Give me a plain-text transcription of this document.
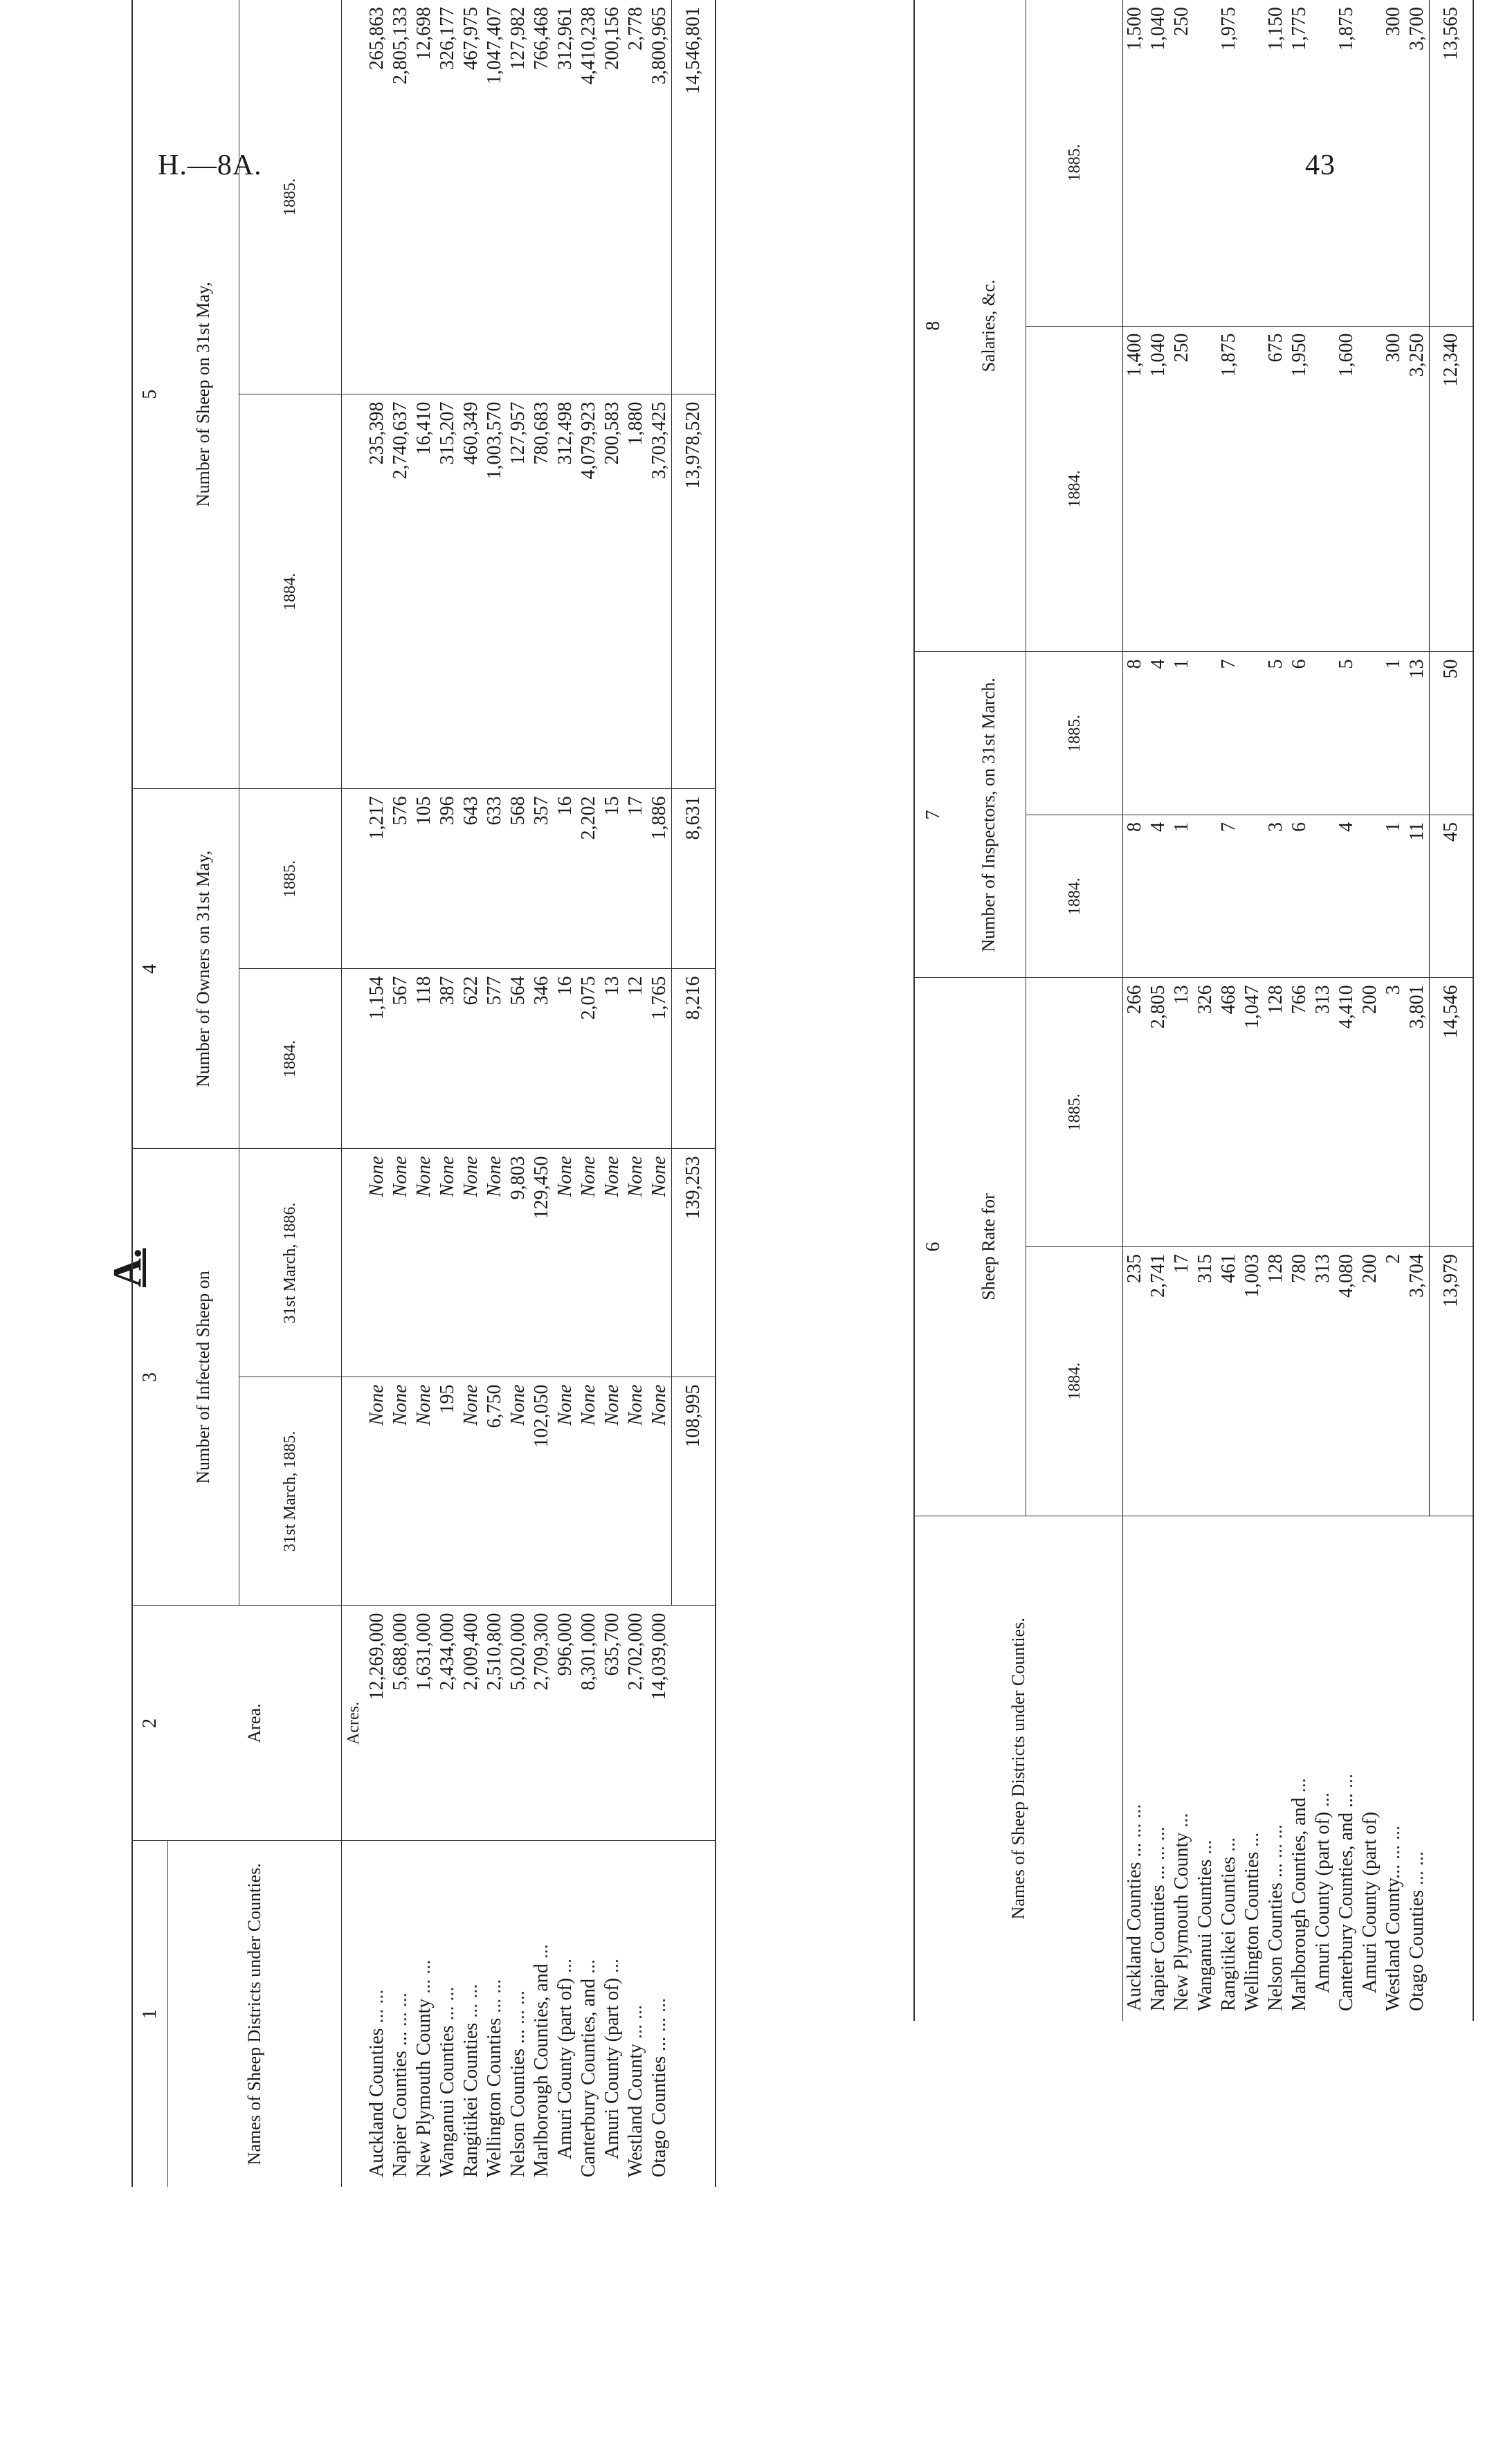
H.—8A.	43
A.
1	2	3		4		5	
Names of Sheep Districts under Counties.	Area.	Number of Infected Sheep on		Number of Owners on 31st May,		Number of Sheep on 31st May,	
		31st March, 1885.	31st March, 1886.	1884.	1885.	1884.	1885.
	Acres.						
Auckland Counties ... ...	12,269,000	None	None	1,154	1,217	235,398	265,863
Napier Counties ... ... ...	5,688,000	None	None	567	576	2,740,637	2,805,133
New Plymouth County ... ...	1,631,000	None	None	118	105	16,410	12,698
Wanganui Counties ... ...	2,434,000	195	None	387	396	315,207	326,177
Rangitikei Counties ... ...	2,009,400	None	None	622	643	460,349	467,975
Wellington Counties ... ...	2,510,800	6,750	None	577	633	1,003,570	1,047,407
Nelson Counties ... ... ...	5,020,000	None	9,803	564	568	127,957	127,982
Marlborough Counties, and ...	2,709,300	102,050	129,450	346	357	780,683	766,468
Amuri County (part of) ...	996,000	None	None	16	16	312,498	312,961
Canterbury Counties, and ...	8,301,000	None	None	2,075	2,202	4,079,923	4,410,238
Amuri County (part of) ...	635,700	None	None	13	15	200,583	200,156
Westland County ... ...	2,702,000	None	None	12	17	1,880	2,778
Otago Counties ... ... ...	14,039,000	None	None	1,765	1,886	3,703,425	3,800,965
		108,995	139,253	8,216	8,631	13,978,520	14,546,801
Names of Sheep Districts under Counties.	6		7		8	
	Sheep Rate for		Number of Inspectors, on 31st March.		Salaries, &c.	
	1884.	1885.	1884.	1885.	1884.	1885.
Auckland Counties ... ... ...	235	266	8	8	1,400	1,500
Napier Counties ... ... ...	2,741	2,805	4	4	1,040	1,040
New Plymouth County ...	17	13	1	1	250	250
Wanganui Counties ...	315	326				
Rangitikei Counties ...	461	468	7	7	1,875	1,975
Wellington Counties ...	1,003	1,047				
Nelson Counties ... ... ...	128	128	3	5	675	1,150
Marlborough Counties, and ...	780	766	6	6	1,950	1,775
Amuri County (part of) ...	313	313				
Canterbury Counties, and ... ...	4,080	4,410	4	5	1,600	1,875
Amuri County (part of)	200	200				
Westland County... ... ...	2	3	1	1	300	300
Otago Counties ... ...	3,704	3,801	11	13	3,250	3,700
	13,979	14,546	45	50	12,340	13,565
